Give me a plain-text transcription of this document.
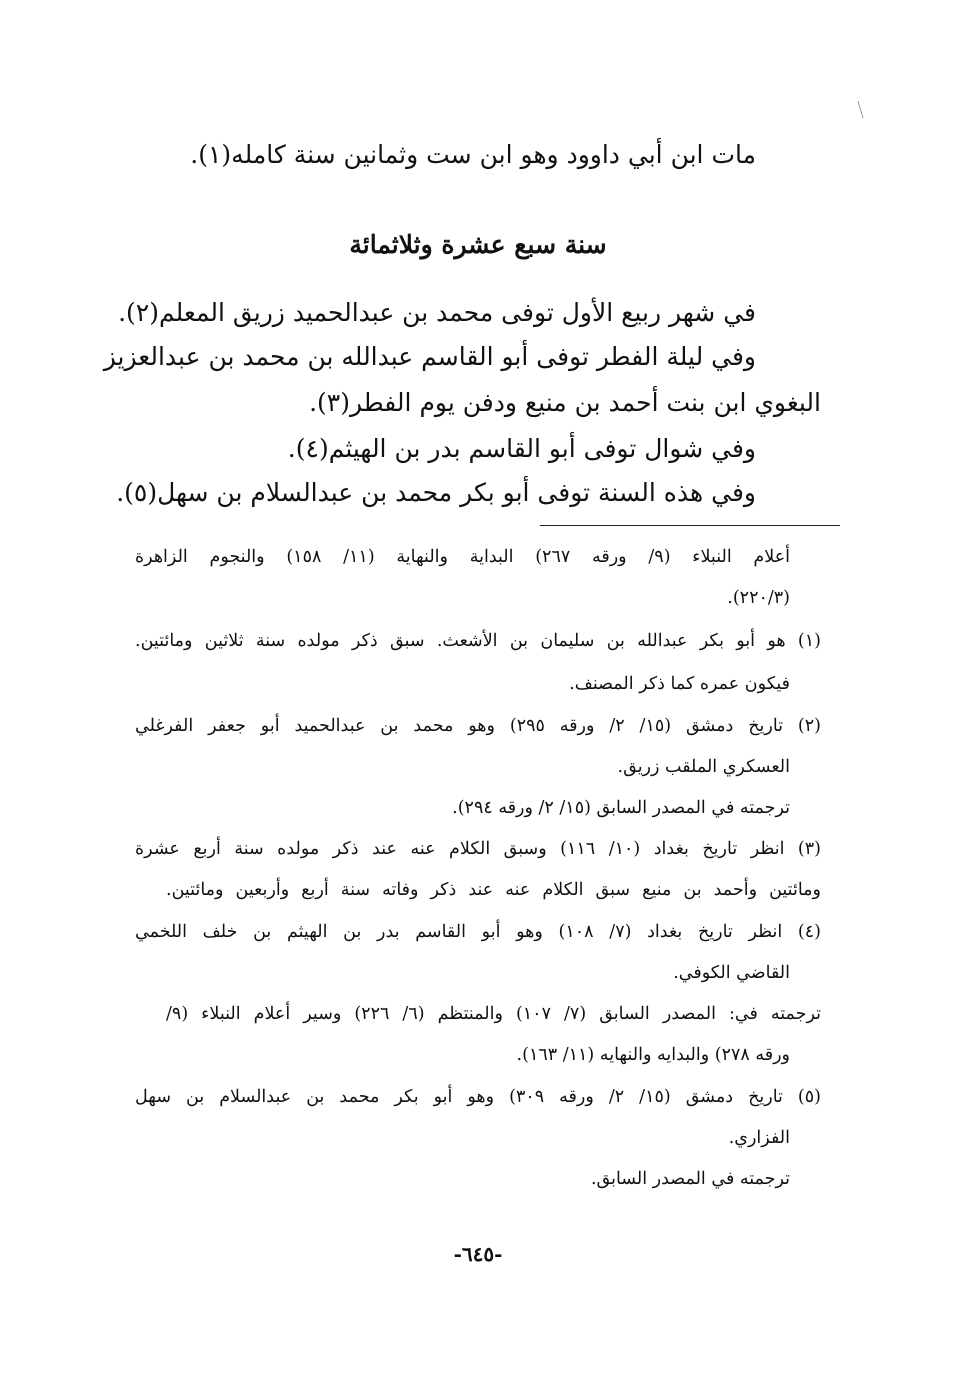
مات ابن أبي داوود وهو ابن ست وثمانين سنة كامله(١).
سنة سبع عشرة وثلاثمائة
في شهر ربيع الأول توفى محمد بن عبدالحميد زريق المعلم(٢).
وفي ليلة الفطر توفى أبو القاسم عبدالله بن محمد بن عبدالعزيز
البغوي ابن بنت أحمد بن منيع ودفن يوم الفطر(٣).
وفي شوال توفى أبو القاسم بدر بن الهيثم(٤).
وفي هذه السنة توفى أبو بكر محمد بن عبدالسلام بن سهل(٥).
أعلام النبلاء (٩/ ورقه ٢٦٧) البداية والنهاية (١١/ ١٥٨) والنجوم الزاهرة
(٢٢٠/٣).
(١) هو أبو بكر عبدالله بن سليمان بن الأشعث. سبق ذكر مولده سنة ثلاثين ومائتين.
فيكون عمره كما ذكر المصنف.
(٢) تاريخ دمشق (١٥/ ٢/ ورقه ٢٩٥) وهو محمد بن عبدالحميد أبو جعفر الفرغلي
العسكري الملقب زريق.
ترجمته في المصدر السابق (١٥/ ٢/ ورقه ٢٩٤).
(٣) انظر تاريخ بغداد (١٠/ ١١٦) وسبق الكلام عنه عند ذكر مولده سنة أربع عشرة
ومائتين وأحمد بن منيع سبق الكلام عنه عند ذكر وفاته سنة أربع وأربعين ومائتين.
(٤) انظر تاريخ بغداد (٧/ ١٠٨) وهو أبو القاسم بدر بن الهيثم بن خلف اللخمي
القاضي الكوفي.
ترجمته في: المصدر السابق (٧/ ١٠٧) والمنتظم (٦/ ٢٢٦) وسير أعلام النبلاء (٩/
ورقه ٢٧٨) والبدايه والنهايه (١١/ ١٦٣).
(٥) تاريخ دمشق (١٥/ ٢/ ورقه ٣٠٩) وهو أبو بكر محمد بن عبدالسلام بن سهل
الفزاري.
ترجمته في المصدر السابق.
-٦٤٥-
